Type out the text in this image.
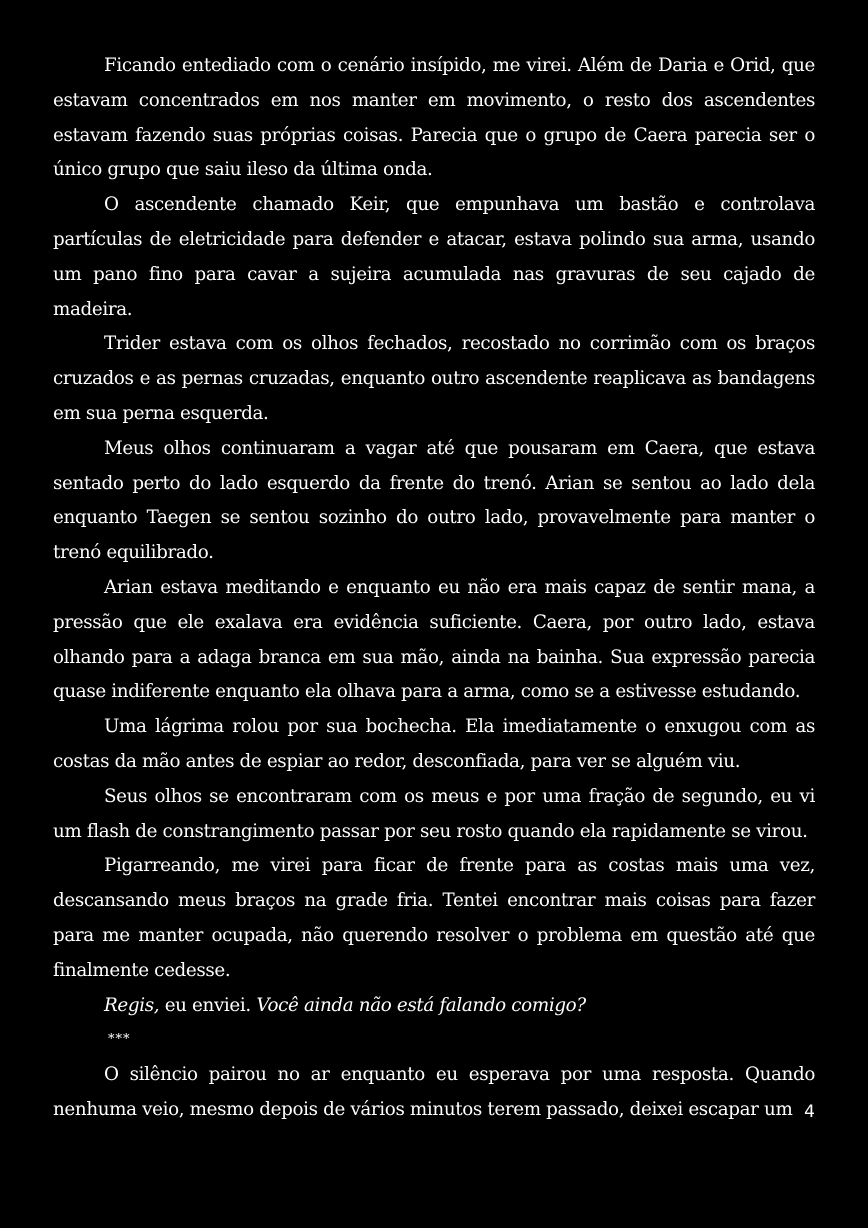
Ficando entediado com o cenário insípido, me virei. Além de Daria e Orid, que estavam concentrados em nos manter em movimento, o resto dos ascendentes estavam fazendo suas próprias coisas. Parecia que o grupo de Caera parecia ser o único grupo que saiu ileso da última onda.

O ascendente chamado Keir, que empunhava um bastão e controlava partículas de eletricidade para defender e atacar, estava polindo sua arma, usando um pano fino para cavar a sujeira acumulada nas gravuras de seu cajado de madeira.

Trider estava com os olhos fechados, recostado no corrimão com os braços cruzados e as pernas cruzadas, enquanto outro ascendente reaplicava as bandagens em sua perna esquerda.

Meus olhos continuaram a vagar até que pousaram em Caera, que estava sentado perto do lado esquerdo da frente do trenó. Arian se sentou ao lado dela enquanto Taegen se sentou sozinho do outro lado, provavelmente para manter o trenó equilibrado.

Arian estava meditando e enquanto eu não era mais capaz de sentir mana, a pressão que ele exalava era evidência suficiente. Caera, por outro lado, estava olhando para a adaga branca em sua mão, ainda na bainha. Sua expressão parecia quase indiferente enquanto ela olhava para a arma, como se a estivesse estudando.

Uma lágrima rolou por sua bochecha. Ela imediatamente o enxugou com as costas da mão antes de espiar ao redor, desconfiada, para ver se alguém viu.

Seus olhos se encontraram com os meus e por uma fração de segundo, eu vi um flash de constrangimento passar por seu rosto quando ela rapidamente se virou.

Pigarreando, me virei para ficar de frente para as costas mais uma vez, descansando meus braços na grade fria. Tentei encontrar mais coisas para fazer para me manter ocupada, não querendo resolver o problema em questão até que finalmente cedesse.

Regis, eu enviei. Você ainda não está falando comigo?

***

O silêncio pairou no ar enquanto eu esperava por uma resposta. Quando nenhuma veio, mesmo depois de vários minutos terem passado, deixei escapar um 4
